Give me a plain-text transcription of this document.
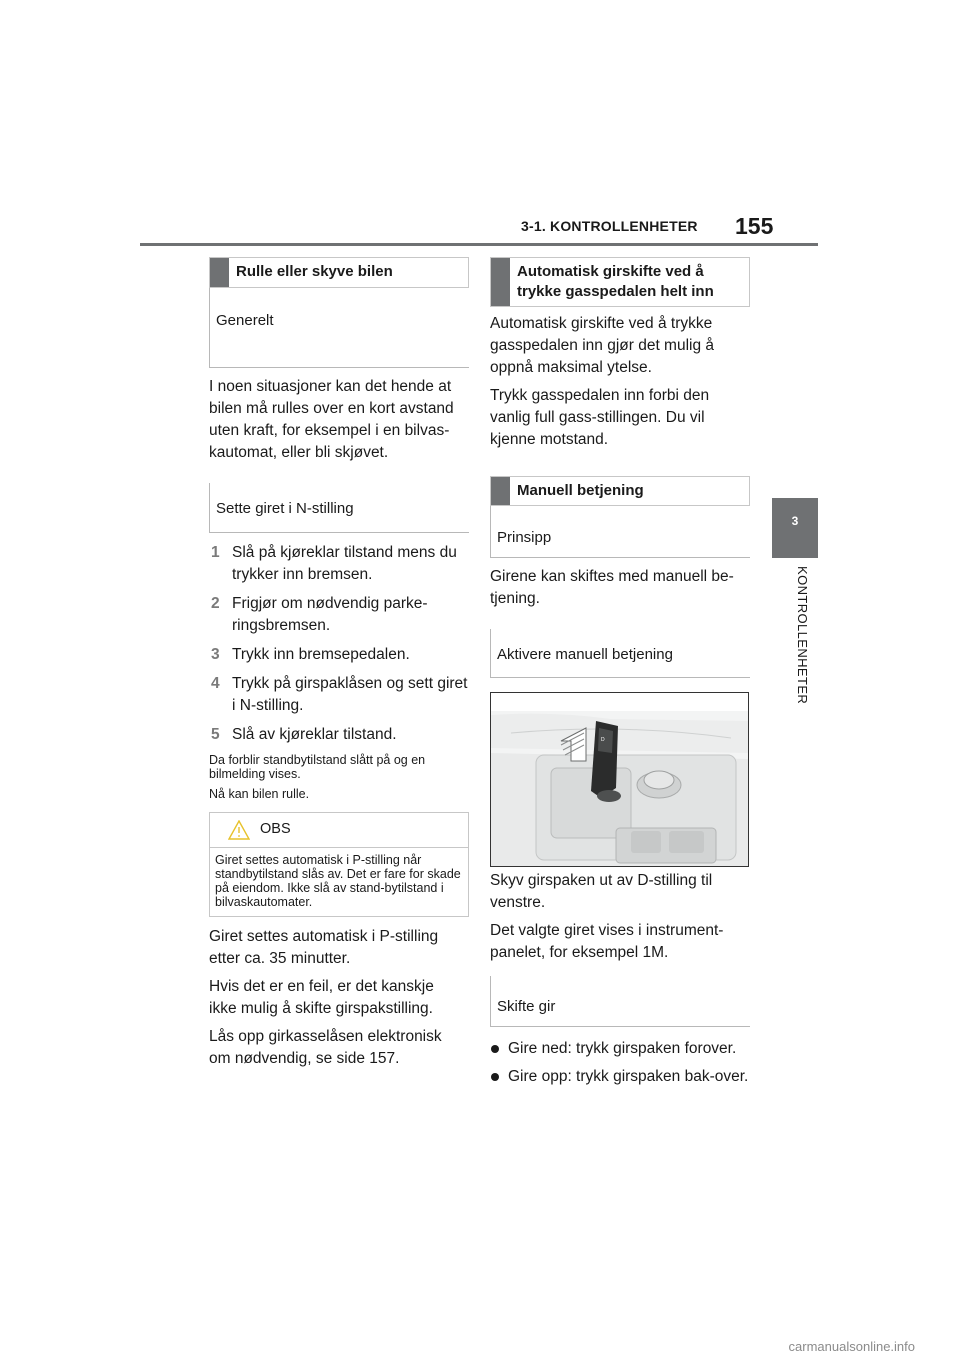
3-1. KONTROLLENHETER 155
3
KONTROLLENHETER
Rulle eller skyve bilen
Generelt

I noen situasjoner kan det hende at bilen må rulles over en kort avstand uten kraft, for eksempel i en bilvas-kautomat, eller bli skjøvet.

Sette giret i N-stilling
1 Slå på kjøreklar tilstand mens du trykker inn bremsen.
2 Frigjør om nødvendig parke-ringsbremsen.
3 Trykk inn bremsepedalen.
4 Trykk på girspaklåsen og sett giret i N-stilling.
5 Slå av kjøreklar tilstand.

Da forblir standbytilstand slått på og en bilmelding vises.

Nå kan bilen rulle.

OBS

Giret settes automatisk i P-stilling når standbytilstand slås av. Det er fare for skade på eiendom. Ikke slå av stand-bytilstand i bilvaskautomater.

Giret settes automatisk i P-stilling etter ca. 35 minutter.

Hvis det er en feil, er det kanskje ikke mulig å skifte girspakstilling.

Lås opp girkasselåsen elektronisk om nødvendig, se side 157.

Automatisk girskifte ved å trykke gasspedalen helt inn

Automatisk girskifte ved å trykke gasspedalen inn gjør det mulig å oppnå maksimal ytelse.

Trykk gasspedalen inn forbi den vanlig full gass-stillingen. Du vil kjenne motstand.

Manuell betjening
Prinsipp

Girene kan skiftes med manuell be-tjening.

Aktivere manuell betjening
D

Skyv girspaken ut av D-stilling til venstre.

Det valgte giret vises i instrument-panelet, for eksempel 1M.

Skifte gir
Gire ned: trykk girspaken forover.
Gire opp: trykk girspaken bak-over.
carmanualsonline.info
